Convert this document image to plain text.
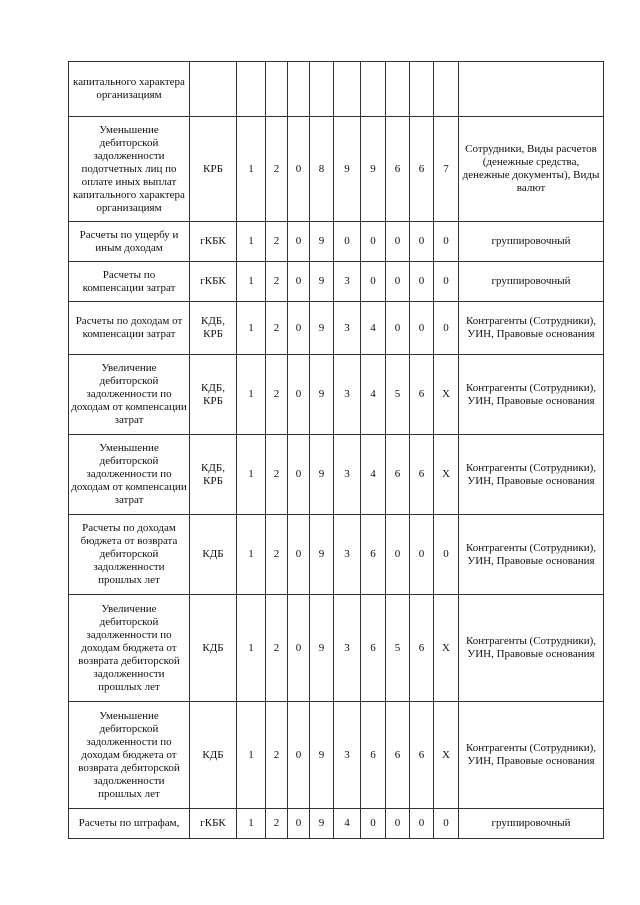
капитального характера организациям											
Уменьшение дебиторской задолженности подотчетных лиц по оплате иных выплат капитального характера организациям	КРБ	1	2	0	8	9	9	6	6	7	Сотрудники, Виды расчетов (денежные средства, денежные документы), Виды валют
Расчеты по ущербу и иным доходам	гКБК	1	2	0	9	0	0	0	0	0	группировочный
Расчеты по компенсации затрат	гКБК	1	2	0	9	3	0	0	0	0	группировочный
Расчеты по доходам от компенсации затрат	КДБ, КРБ	1	2	0	9	3	4	0	0	0	Контрагенты (Сотрудники), УИН, Правовые основания
Увеличение дебиторской задолженности по доходам от компенсации затрат	КДБ, КРБ	1	2	0	9	3	4	5	6	Х	Контрагенты (Сотрудники), УИН, Правовые основания
Уменьшение дебиторской задолженности по доходам от компенсации затрат	КДБ, КРБ	1	2	0	9	3	4	6	6	Х	Контрагенты (Сотрудники), УИН, Правовые основания
Расчеты по доходам бюджета от возврата дебиторской задолженности прошлых лет	КДБ	1	2	0	9	3	6	0	0	0	Контрагенты (Сотрудники), УИН, Правовые основания
Увеличение дебиторской задолженности по доходам бюджета от возврата дебиторской задолженности прошлых лет	КДБ	1	2	0	9	3	6	5	6	Х	Контрагенты (Сотрудники), УИН, Правовые основания
Уменьшение дебиторской задолженности по доходам бюджета от возврата дебиторской задолженности прошлых лет	КДБ	1	2	0	9	3	6	6	6	Х	Контрагенты (Сотрудники), УИН, Правовые основания
Расчеты по штрафам,	гКБК	1	2	0	9	4	0	0	0	0	группировочный
